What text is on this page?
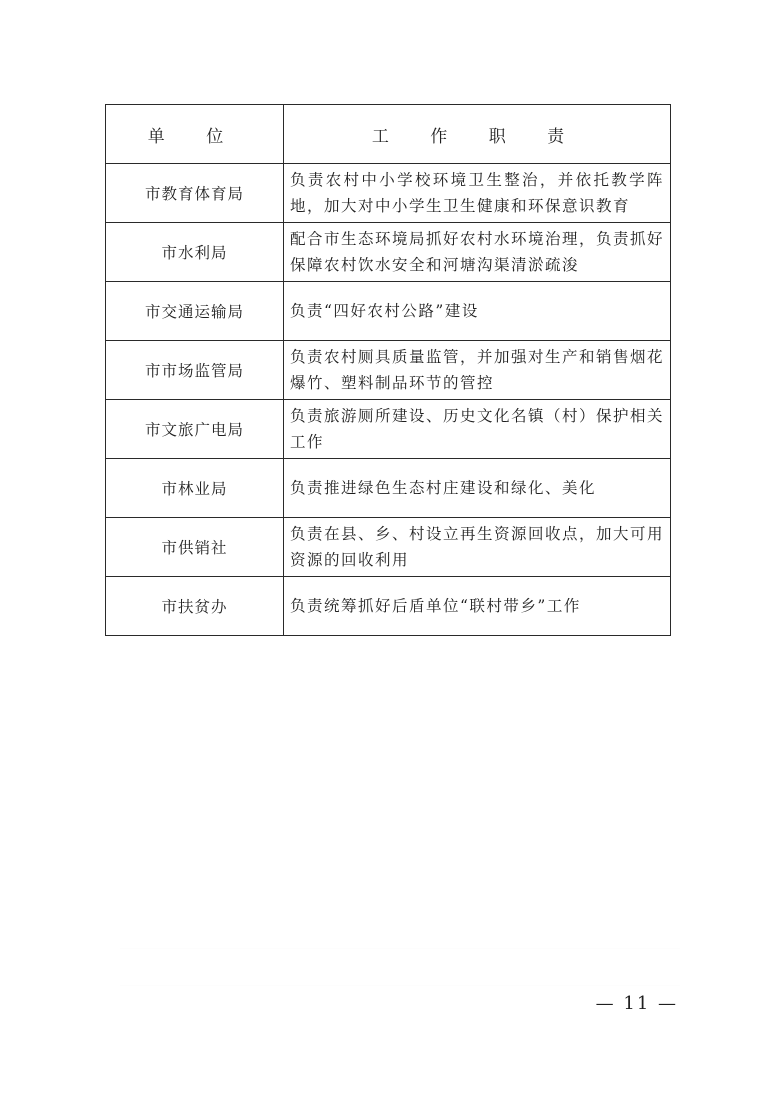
单 位	工 作 职 责
市教育体育局	负责农村中小学校环境卫生整治，并依托教学阵地，加大对中小学生卫生健康和环保意识教育
市水利局	配合市生态环境局抓好农村水环境治理，负责抓好保障农村饮水安全和河塘沟渠清淤疏浚
市交通运输局	负责“四好农村公路”建设
市市场监管局	负责农村厕具质量监管，并加强对生产和销售烟花爆竹、塑料制品环节的管控
市文旅广电局	负责旅游厕所建设、历史文化名镇（村）保护相关工作
市林业局	负责推进绿色生态村庄建设和绿化、美化
市供销社	负责在县、乡、村设立再生资源回收点，加大可用资源的回收利用
市扶贫办	负责统筹抓好后盾单位“联村带乡”工作
— 11 —
